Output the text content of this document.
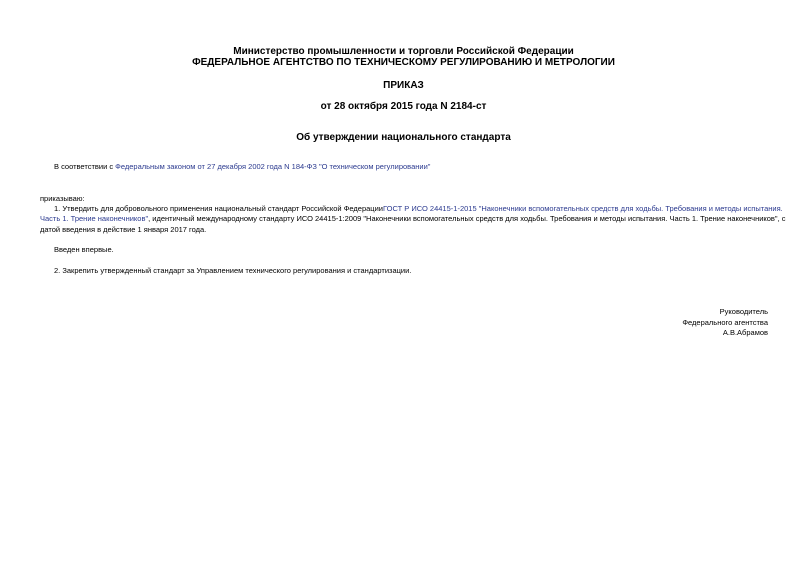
Министерство промышленности и торговли Российской Федерации
ФЕДЕРАЛЬНОЕ АГЕНТСТВО ПО ТЕХНИЧЕСКОМУ РЕГУЛИРОВАНИЮ И МЕТРОЛОГИИ
ПРИКАЗ
от 28 октября 2015 года N 2184-ст
Об утверждении национального стандарта
В соответствии с Федеральным законом от 27 декабря 2002 года N 184-ФЗ "О техническом регулировании"
приказываю:
1. Утвердить для добровольного применения национальный стандарт Российской ФедерацииГОСТ Р ИСО 24415-1-2015 "Наконечники вспомогательных средств для ходьбы. Требования и методы испытания.
Часть 1. Трение наконечников", идентичный международному стандарту ИСО 24415-1:2009 "Наконечники вспомогательных средств для ходьбы. Требования и методы испытания. Часть 1. Трение наконечников", с
датой введения в действие 1 января 2017 года.
Введен впервые.
2. Закрепить утвержденный стандарт за Управлением технического регулирования и стандартизации.
Руководитель
Федерального агентства
А.В.Абрамов
